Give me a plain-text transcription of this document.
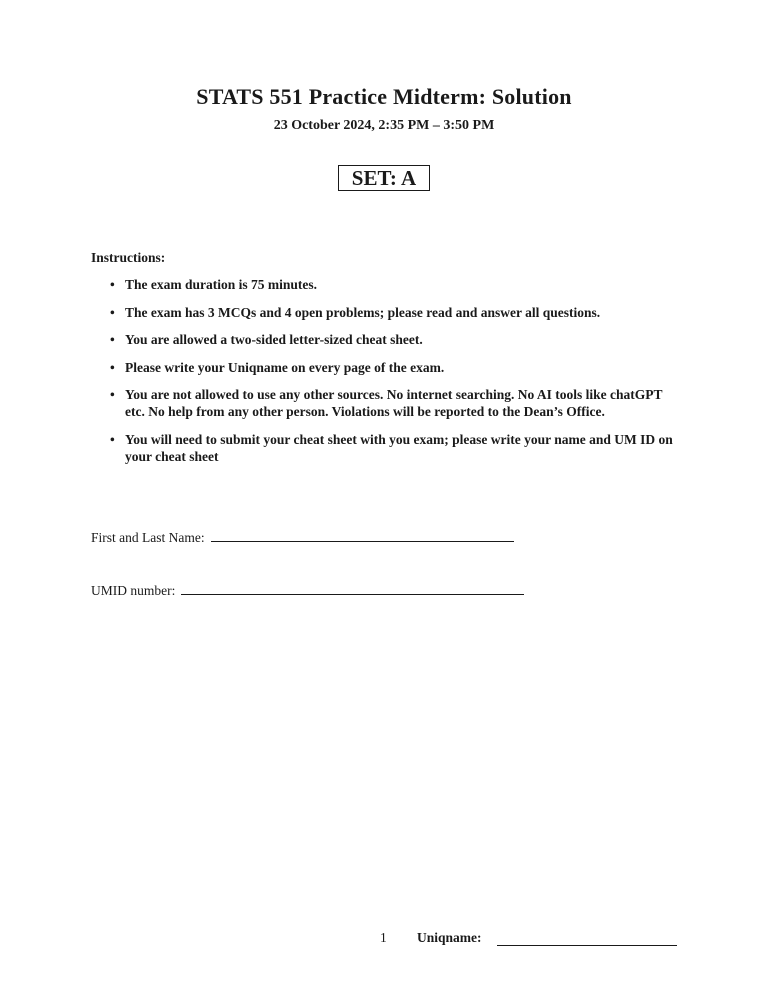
STATS 551 Practice Midterm: Solution
23 October 2024, 2:35 PM – 3:50 PM
SET: A
Instructions:
• The exam duration is 75 minutes.
• The exam has 3 MCQs and 4 open problems; please read and answer all questions.
• You are allowed a two-sided letter-sized cheat sheet.
• Please write your Uniqname on every page of the exam.
• You are not allowed to use any other sources. No internet searching. No AI tools like chatGPT etc. No help from any other person. Violations will be reported to the Dean’s Office.
• You will need to submit your cheat sheet with you exam; please write your name and UM ID on your cheat sheet
First and Last Name:
UMID number:
1 Uniqname:
